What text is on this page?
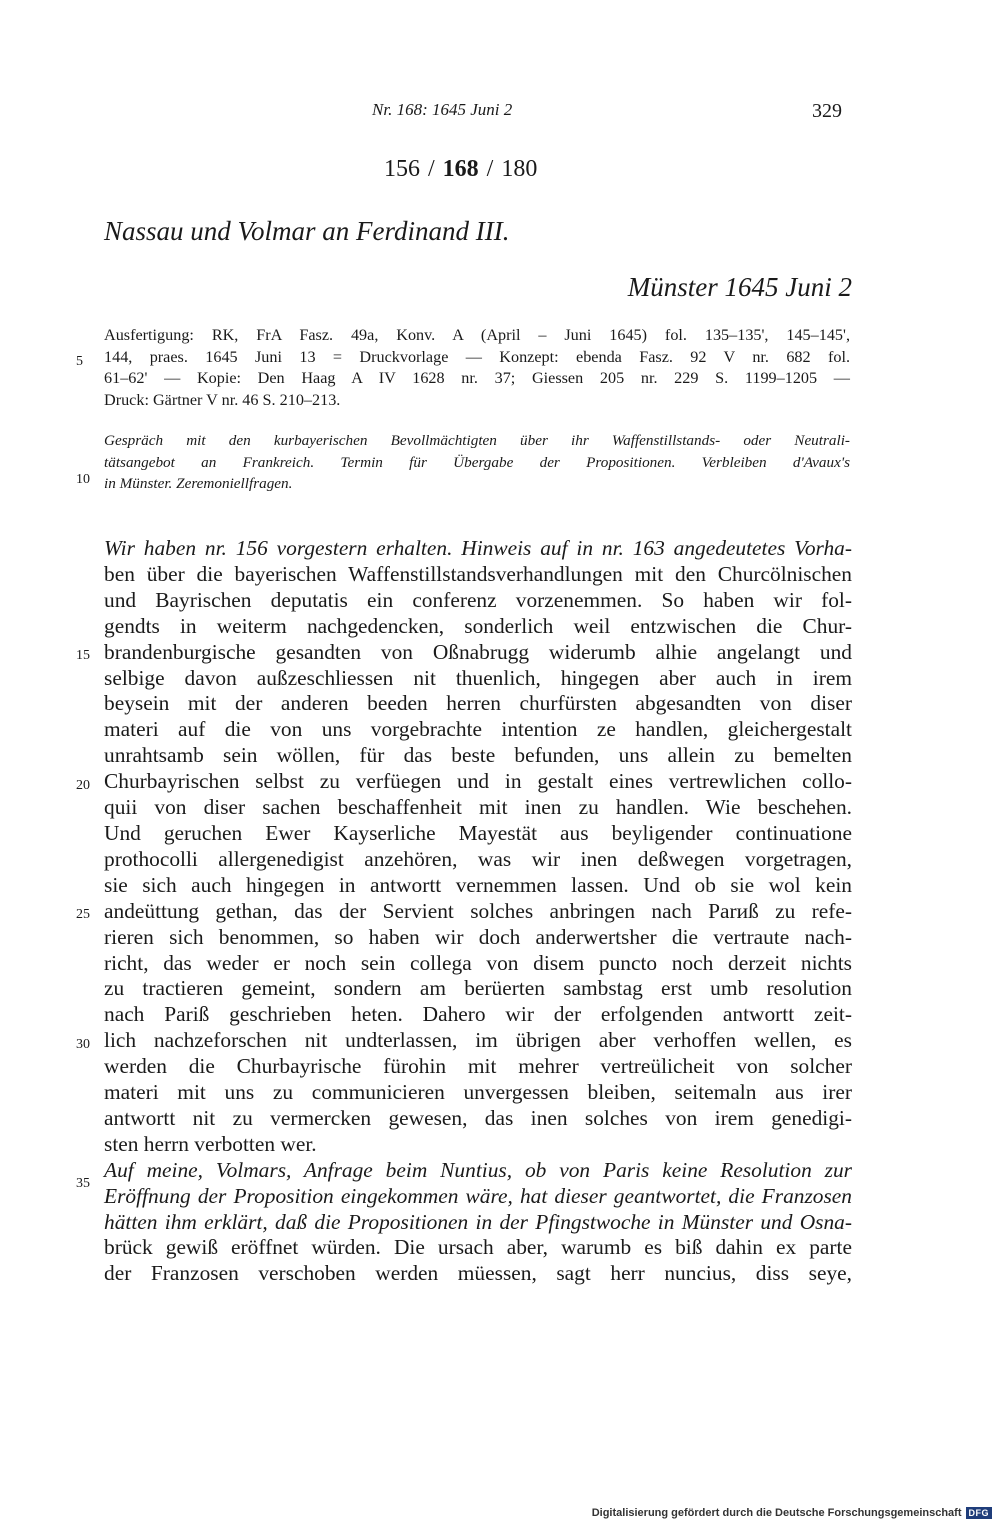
Nr. 168: 1645 Juni 2	329
156 / 168 / 180
Nassau und Volmar an Ferdinand III.
Münster 1645 Juni 2
Ausfertigung: RK, FrA Fasz. 49a, Konv. A (April – Juni 1645) fol. 135–135', 145–145',
144, praes. 1645 Juni 13 = Druckvorlage — Konzept: ebenda Fasz. 92 V nr. 682 fol.
61–62' — Kopie: Den Haag A IV 1628 nr. 37; Giessen 205 nr. 229 S. 1199–1205 —
Druck: Gärtner V nr. 46 S. 210–213.
Gespräch mit den kurbayerischen Bevollmächtigten über ihr Waffenstillstands- oder Neutrali-
tätsangebot an Frankreich. Termin für Übergabe der Propositionen. Verbleiben d'Avaux's
in Münster. Zeremoniellfragen.
5
10
15
20
25
30
35
Wir haben nr. 156 vorgestern erhalten. Hinweis auf in nr. 163 angedeutetes Vorha-
ben über die bayerischen Waffenstillstandsverhandlungen mit den Churcölnischen
und Bayrischen deputatis ein conferenz vorzenemmen. So haben wir fol-
gendts in weiterm nachgedencken, sonderlich weil entzwischen die Chur-
brandenburgische gesandten von Oßnabrugg widerumb alhie angelangt und
selbige davon außzeschliessen nit thuenlich, hingegen aber auch in irem
beysein mit der anderen beeden herren churfürsten abgesandten von diser
materi auf die von uns vorgebrachte intention ze handlen, gleichergestalt
unrahtsamb sein wöllen, für das beste befunden, uns allein zu bemelten
Churbayrischen selbst zu verfüegen und in gestalt eines vertrewlichen collo-
quii von diser sachen beschaffenheit mit inen zu handlen. Wie beschehen.
Und geruchen Ewer Kayserliche Mayestät aus beyligender continuatione
prothocolli allergenedigist anzehören, was wir inen deßwegen vorgetragen,
sie sich auch hingegen in antwortt vernemmen lassen. Und ob sie wol kein
andeüttung gethan, das der Servient solches anbringen nach Parиß zu refe-
rieren sich benommen, so haben wir doch anderwertsher die vertraute nach-
richt, das weder er noch sein collega von disem puncto noch derzeit nichts
zu tractieren gemeint, sondern am berüerten sambstag erst umb resolution
nach Pariß geschrieben heten. Dahero wir der erfolgenden antwortt zeit-
lich nachzeforschen nit undterlassen, im übrigen aber verhoffen wellen, es
werden die Churbayrische fürohin mit mehrer vertreülicheit von solcher
materi mit uns zu communicieren unvergessen bleiben, seitemaln aus irer
antwortt nit zu vermercken gewesen, das inen solches von irem genedigi-
sten herrn verbotten wer.
Auf meine, Volmars, Anfrage beim Nuntius, ob von Paris keine Resolution zur
Eröffnung der Proposition eingekommen wäre, hat dieser geantwortet, die Franzosen
hätten ihm erklärt, daß die Propositionen in der Pfingstwoche in Münster und Osna-
brück gewiß eröffnet würden. Die ursach aber, warumb es biß dahin ex parte
der Franzosen verschoben werden müessen, sagt herr nuncius, diss seye,
Digitalisierung gefördert durch die Deutsche Forschungsgemeinschaft DFG
